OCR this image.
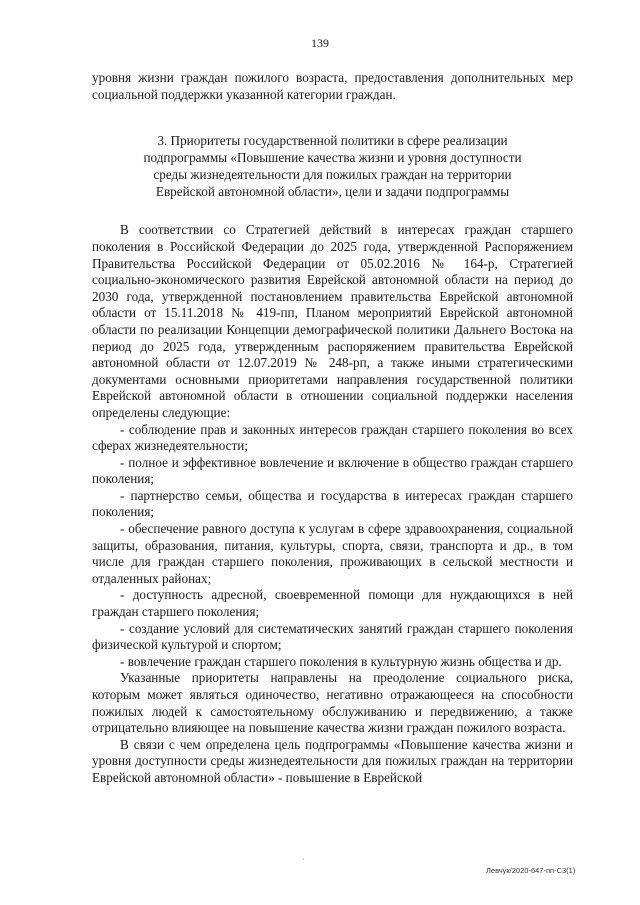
139

уровня жизни граждан пожилого возраста, предоставления дополнительных мер социальной поддержки указанной категории граждан.

3. Приоритеты государственной политики в сфере реализации
подпрограммы «Повышение качества жизни и уровня доступности
среды жизнедеятельности для пожилых граждан на территории
Еврейской автономной области», цели и задачи подпрограммы

В соответствии со Стратегией действий в интересах граждан старшего поколения в Российской Федерации до 2025 года, утвержденной Распоряжением Правительства Российской Федерации от 05.02.2016 № 164-р, Стратегией социально-экономического развития Еврейской автономной области на период до 2030 года, утвержденной постановлением правительства Еврейской автономной области от 15.11.2018 № 419-пп, Планом мероприятий Еврейской автономной области по реализации Концепции демографической политики Дальнего Востока на период до 2025 года, утвержденным распоряжением правительства Еврейской автономной области от 12.07.2019 № 248-рп, а также иными стратегическими документами основными приоритетами направления государственной политики Еврейской автономной области в отношении социальной поддержки населения определены следующие:

- соблюдение прав и законных интересов граждан старшего поколения во всех сферах жизнедеятельности;

- полное и эффективное вовлечение и включение в общество граждан старшего поколения;

- партнерство семьи, общества и государства в интересах граждан старшего поколения;

- обеспечение равного доступа к услугам в сфере здравоохранения, социальной защиты, образования, питания, культуры, спорта, связи, транспорта и др., в том числе для граждан старшего поколения, проживающих в сельской местности и отдаленных районах;

- доступность адресной, своевременной помощи для нуждающихся в ней граждан старшего поколения;

- создание условий для систематических занятий граждан старшего поколения физической культурой и спортом;

- вовлечение граждан старшего поколения в культурную жизнь общества и др.

Указанные приоритеты направлены на преодоление социального риска, которым может являться одиночество, негативно отражающееся на способности пожилых людей к самостоятельному обслуживанию и передвижению, а также отрицательно влияющее на повышение качества жизни граждан пожилого возраста.

В связи с чем определена цель подпрограммы «Повышение качества жизни и уровня доступности среды жизнедеятельности для пожилых граждан на территории Еврейской автономной области» - повышение в Еврейской

·
Левчук/2020-647-пп-С3(1)
